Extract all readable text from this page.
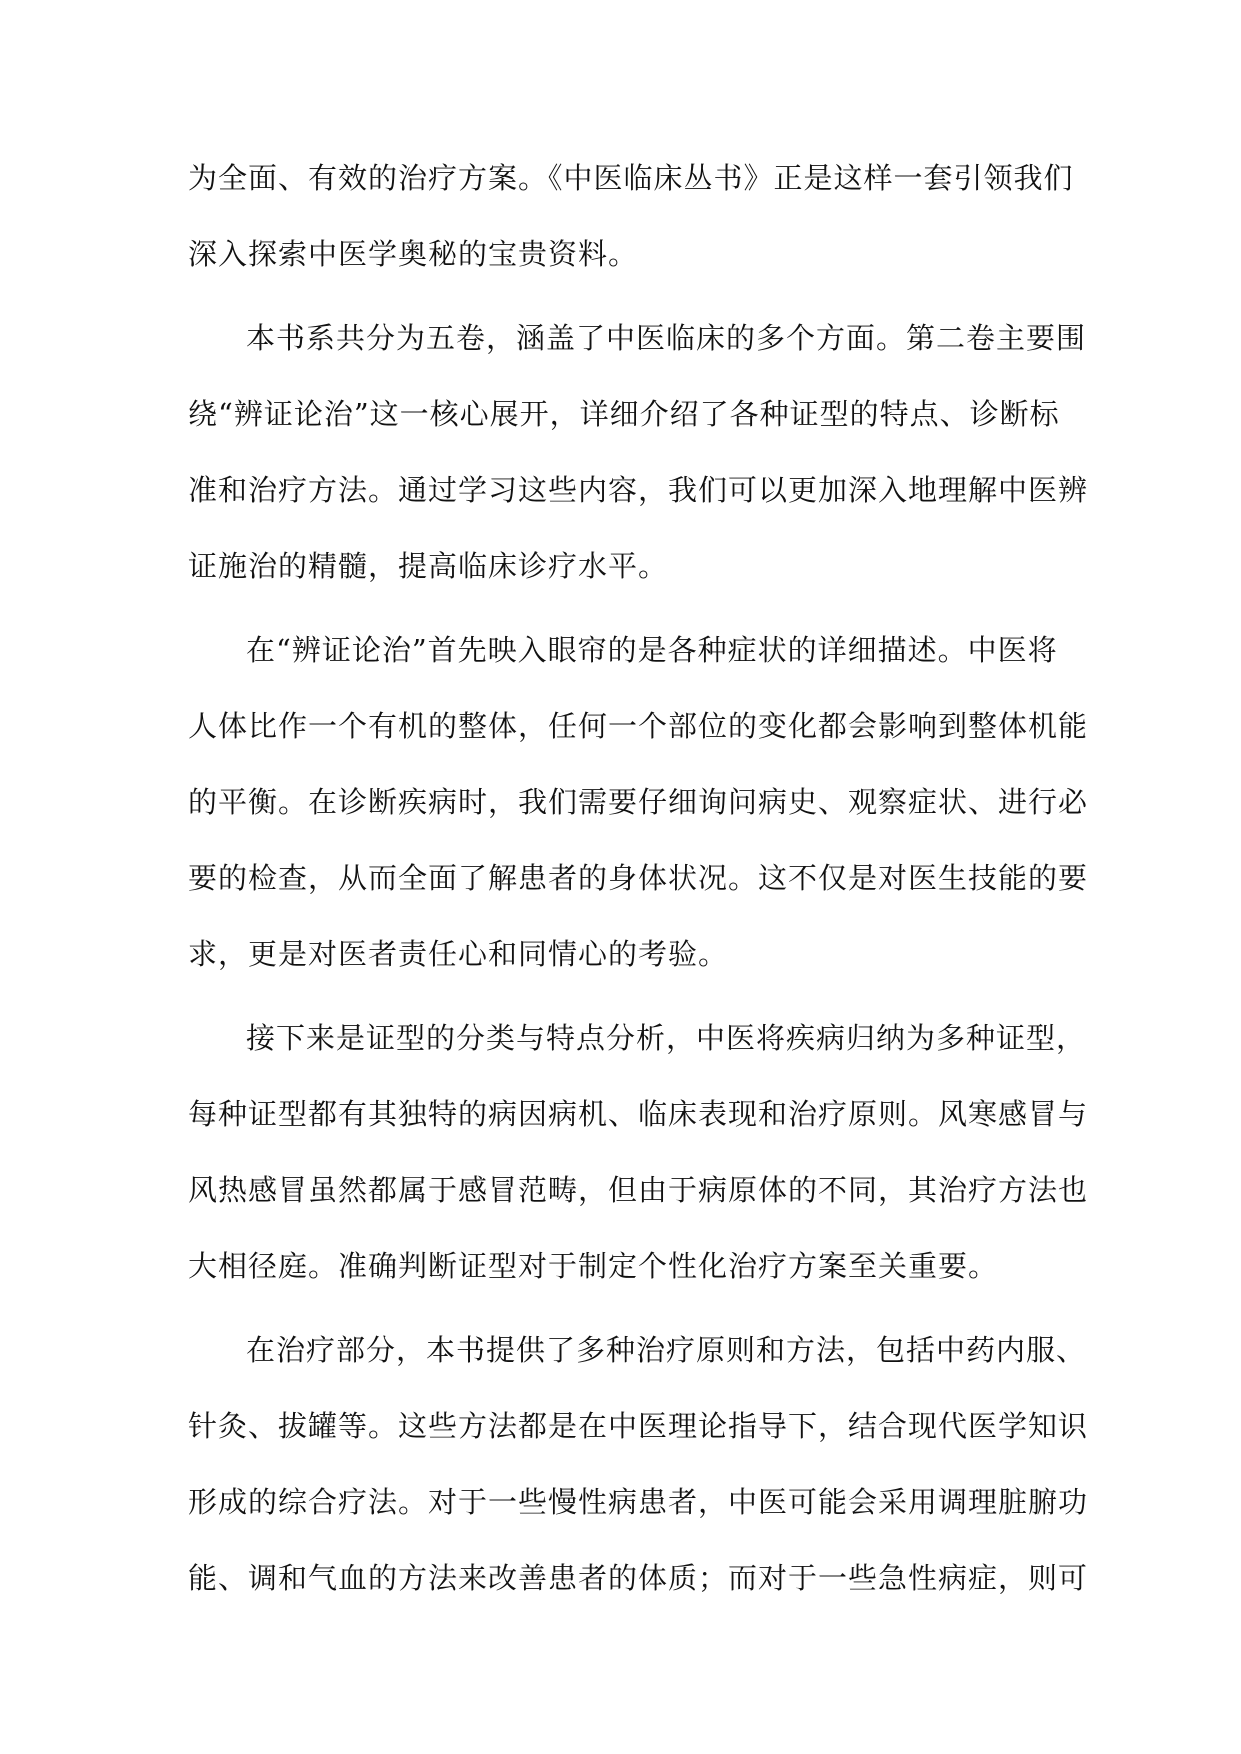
为全面、有效的治疗方案。《中医临床丛书》正是这样一套引领我们
深入探索中医学奥秘的宝贵资料。
本书系共分为五卷，涵盖了中医临床的多个方面。第二卷主要围
绕“辨证论治”这一核心展开，详细介绍了各种证型的特点、诊断标
准和治疗方法。通过学习这些内容，我们可以更加深入地理解中医辨
证施治的精髓，提高临床诊疗水平。
在“辨证论治”首先映入眼帘的是各种症状的详细描述。中医将
人体比作一个有机的整体，任何一个部位的变化都会影响到整体机能
的平衡。在诊断疾病时，我们需要仔细询问病史、观察症状、进行必
要的检查，从而全面了解患者的身体状况。这不仅是对医生技能的要
求，更是对医者责任心和同情心的考验。
接下来是证型的分类与特点分析，中医将疾病归纳为多种证型，
每种证型都有其独特的病因病机、临床表现和治疗原则。风寒感冒与
风热感冒虽然都属于感冒范畴，但由于病原体的不同，其治疗方法也
大相径庭。准确判断证型对于制定个性化治疗方案至关重要。
在治疗部分，本书提供了多种治疗原则和方法，包括中药内服、
针灸、拔罐等。这些方法都是在中医理论指导下，结合现代医学知识
形成的综合疗法。对于一些慢性病患者，中医可能会采用调理脏腑功
能、调和气血的方法来改善患者的体质；而对于一些急性病症，则可
